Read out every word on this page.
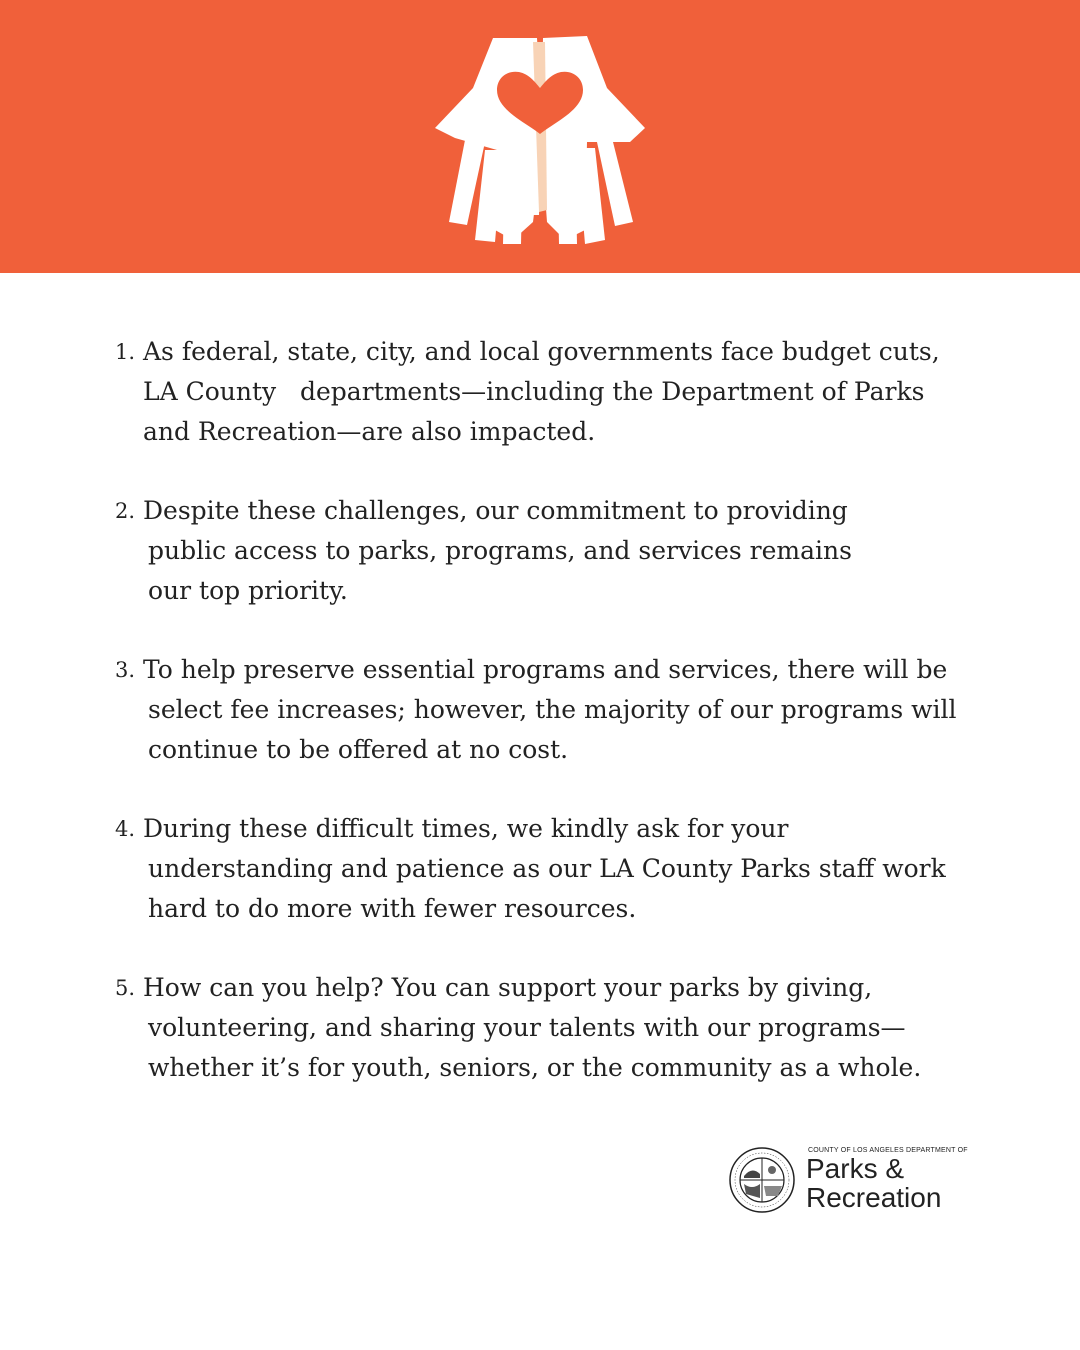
1. As federal, state, city, and local governments face budget cuts,
LA County   departments—including the Department of Parks
and Recreation—are also impacted.
2. Despite these challenges, our commitment to providing
public access to parks, programs, and services remains
our top priority.
3. To help preserve essential programs and services, there will be
select fee increases; however, the majority of our programs will
continue to be offered at no cost.
4. During these difficult times, we kindly ask for your
understanding and patience as our LA County Parks staff work
hard to do more with fewer resources.
5. How can you help? You can support your parks by giving,
volunteering, and sharing your talents with our programs—
whether it’s for youth, seniors, or the community as a whole.
COUNTY OF LOS ANGELES DEPARTMENT OF
Parks &
Recreation
